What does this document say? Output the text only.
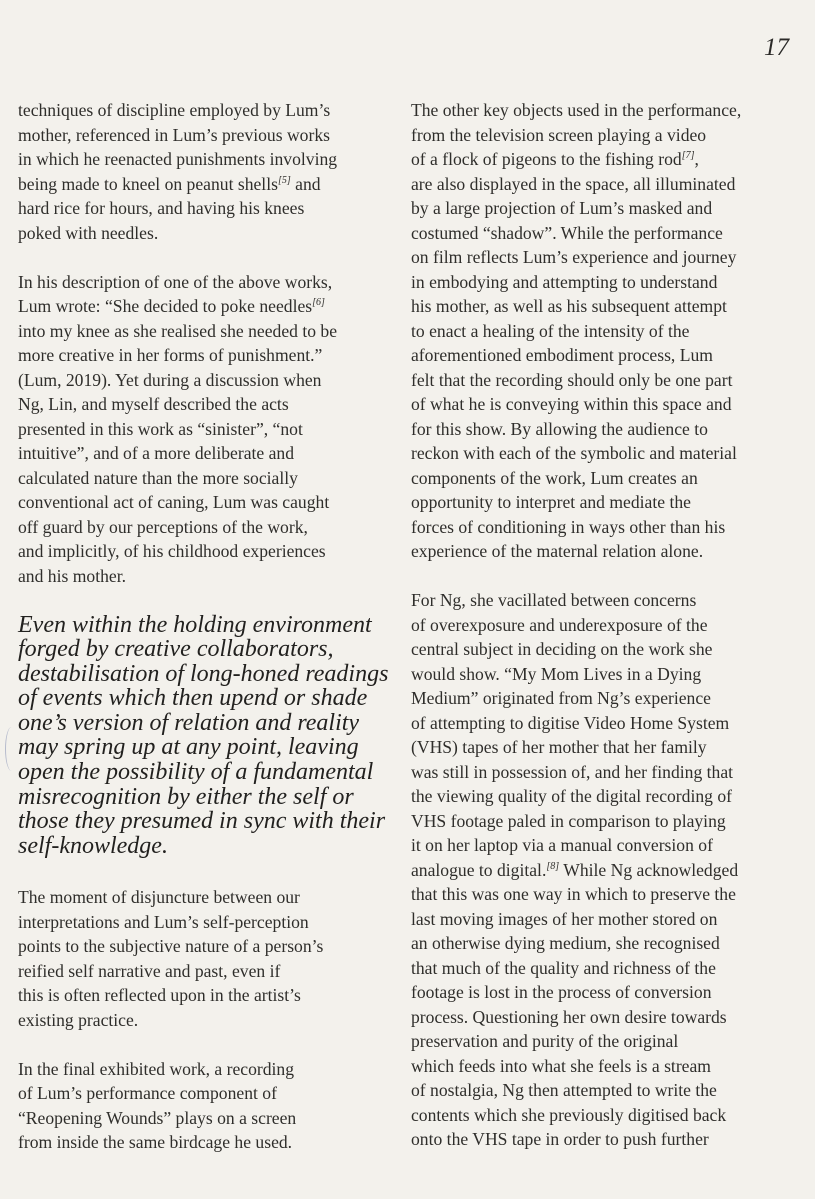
17

techniques of discipline employed by Lum’s
mother, referenced in Lum’s previous works
in which he reenacted punishments involving
being made to kneel on peanut shells[5] and
hard rice for hours, and having his knees
poked with needles.

In his description of one of the above works,
Lum wrote: “She decided to poke needles[6]
into my knee as she realised she needed to be
more creative in her forms of punishment.”
(Lum, 2019). Yet during a discussion when
Ng, Lin, and myself described the acts
presented in this work as “sinister”, “not
intuitive”, and of a more deliberate and
calculated nature than the more socially
conventional act of caning, Lum was caught
off guard by our perceptions of the work,
and implicitly, of his childhood experiences
and his mother.

Even within the holding environment
forged by creative collaborators,
destabilisation of long-honed readings
of events which then upend or shade
one’s version of relation and reality
may spring up at any point, leaving
open the possibility of a fundamental
misrecognition by either the self or
those they presumed in sync with their
self-knowledge.

The moment of disjuncture between our
interpretations and Lum’s self-perception
points to the subjective nature of a person’s
reified self narrative and past, even if
this is often reflected upon in the artist’s
existing practice.

In the final exhibited work, a recording
of Lum’s performance component of
“Reopening Wounds” plays on a screen
from inside the same birdcage he used.

The other key objects used in the performance,
from the television screen playing a video
of a flock of pigeons to the fishing rod[7],
are also displayed in the space, all illuminated
by a large projection of Lum’s masked and
costumed “shadow”. While the performance
on film reflects Lum’s experience and journey
in embodying and attempting to understand
his mother, as well as his subsequent attempt
to enact a healing of the intensity of the
aforementioned embodiment process, Lum
felt that the recording should only be one part
of what he is conveying within this space and
for this show. By allowing the audience to
reckon with each of the symbolic and material
components of the work, Lum creates an
opportunity to interpret and mediate the
forces of conditioning in ways other than his
experience of the maternal relation alone.

For Ng, she vacillated between concerns
of overexposure and underexposure of the
central subject in deciding on the work she
would show. “My Mom Lives in a Dying
Medium” originated from Ng’s experience
of attempting to digitise Video Home System
(VHS) tapes of her mother that her family
was still in possession of, and her finding that
the viewing quality of the digital recording of
VHS footage paled in comparison to playing
it on her laptop via a manual conversion of
analogue to digital.[8] While Ng acknowledged
that this was one way in which to preserve the
last moving images of her mother stored on
an otherwise dying medium, she recognised
that much of the quality and richness of the
footage is lost in the process of conversion
process. Questioning her own desire towards
preservation and purity of the original
which feeds into what she feels is a stream
of nostalgia, Ng then attempted to write the
contents which she previously digitised back
onto the VHS tape in order to push further
